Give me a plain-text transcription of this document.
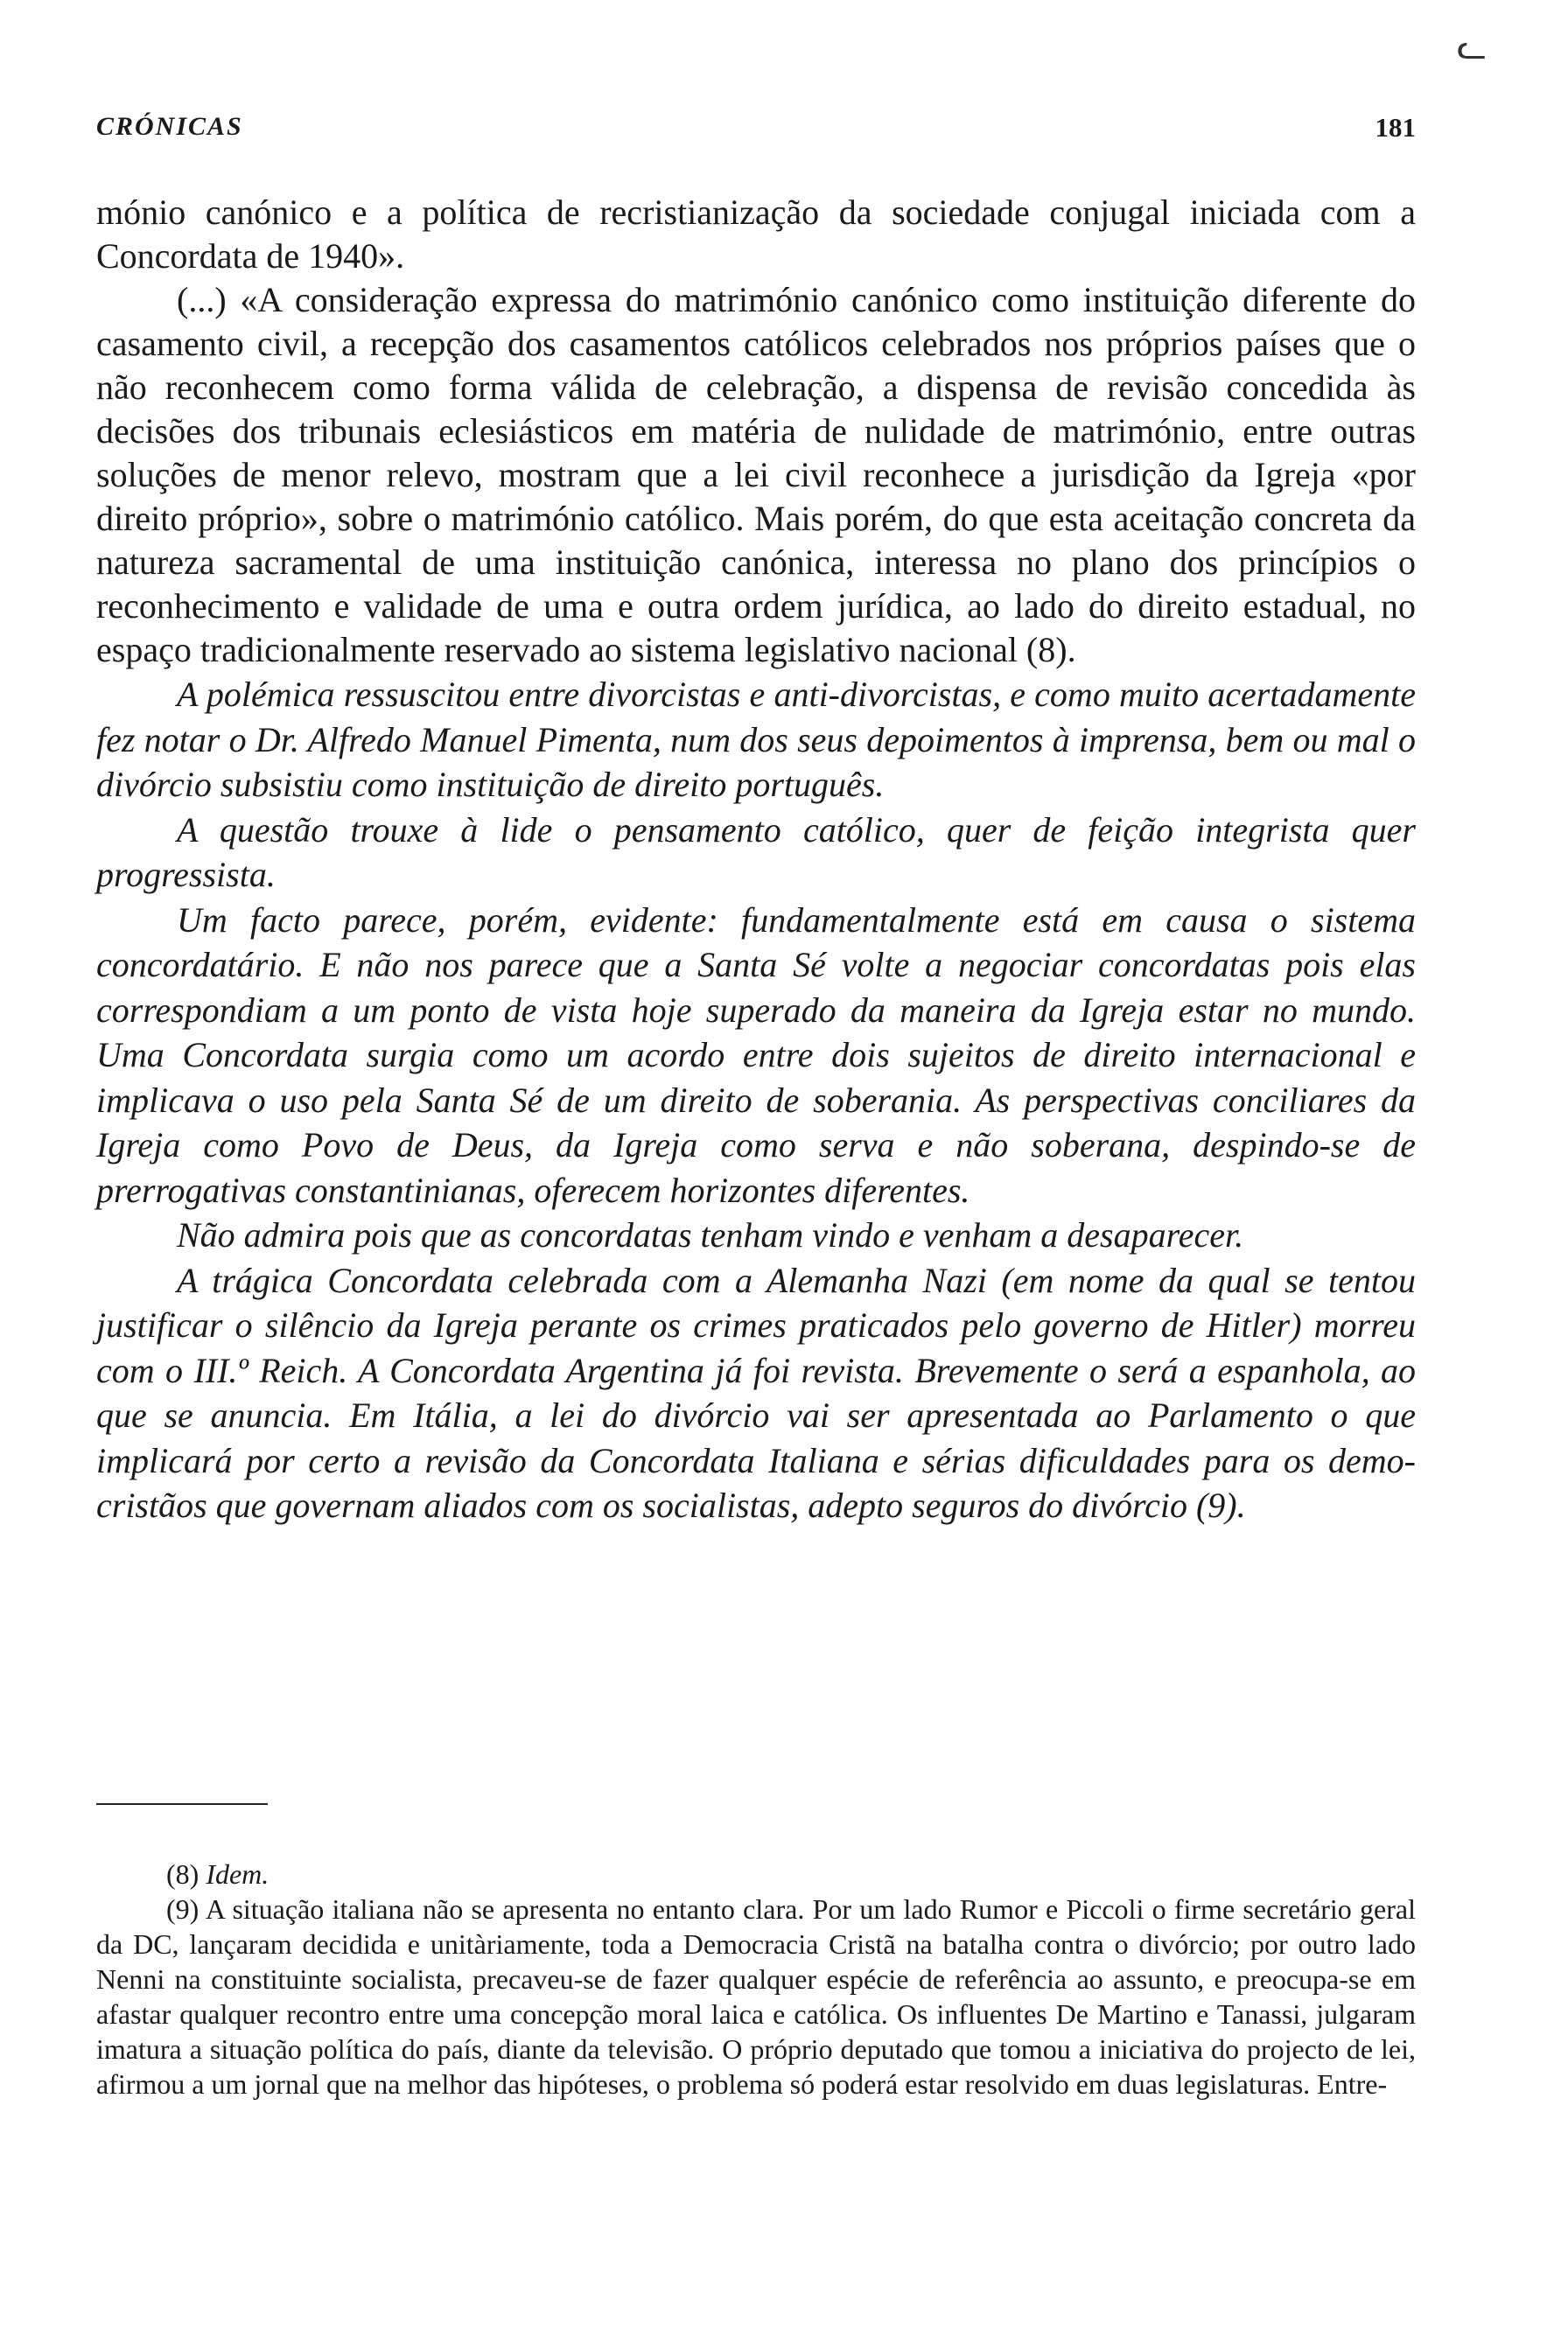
ᓚ
CRÓNICAS	181

mónio canónico e a política de recristianização da sociedade conjugal iniciada com a Concordata de 1940».

(...) «A consideração expressa do matrimónio canónico como instituição diferente do casamento civil, a recepção dos casamentos católicos celebrados nos próprios países que o não reconhecem como forma válida de celebração, a dispensa de revisão concedida às decisões dos tribunais eclesiásticos em matéria de nulidade de matrimónio, entre outras soluções de menor relevo, mostram que a lei civil reconhece a jurisdição da Igreja «por direito próprio», sobre o matrimónio católico. Mais porém, do que esta aceitação concreta da natureza sacramental de uma instituição canónica, interessa no plano dos princípios o reconhecimento e validade de uma e outra ordem jurídica, ao lado do direito estadual, no espaço tradicionalmente reservado ao sistema legislativo nacional (8).

A polémica ressuscitou entre divorcistas e anti-divorcistas, e como muito acertadamente fez notar o Dr. Alfredo Manuel Pimenta, num dos seus depoimentos à imprensa, bem ou mal o divórcio subsistiu como instituição de direito português.

A questão trouxe à lide o pensamento católico, quer de feição integrista quer progressista.

Um facto parece, porém, evidente: fundamentalmente está em causa o sistema concordatário. E não nos parece que a Santa Sé volte a negociar concordatas pois elas correspondiam a um ponto de vista hoje superado da maneira da Igreja estar no mundo. Uma Concordata surgia como um acordo entre dois sujeitos de direito internacional e implicava o uso pela Santa Sé de um direito de soberania. As perspectivas conciliares da Igreja como Povo de Deus, da Igreja como serva e não soberana, despindo-se de prerrogativas constantinianas, oferecem horizontes diferentes.

Não admira pois que as concordatas tenham vindo e venham a desaparecer.

A trágica Concordata celebrada com a Alemanha Nazi (em nome da qual se tentou justificar o silêncio da Igreja perante os crimes praticados pelo governo de Hitler) morreu com o III.º Reich. A Concordata Argentina já foi revista. Brevemente o será a espanhola, ao que se anuncia. Em Itália, a lei do divórcio vai ser apresentada ao Parlamento o que implicará por certo a revisão da Concordata Italiana e sérias dificuldades para os demo-cristãos que governam aliados com os socialistas, adepto seguros do divórcio (9).

(8) Idem.

(9) A situação italiana não se apresenta no entanto clara. Por um lado Rumor e Piccoli o firme secretário geral da DC, lançaram decidida e unitàriamente, toda a Democracia Cristã na batalha contra o divórcio; por outro lado Nenni na constituinte socialista, precaveu-se de fazer qualquer espécie de referência ao assunto, e preocupa-se em afastar qualquer recontro entre uma concepção moral laica e católica. Os influentes De Martino e Tanassi, julgaram imatura a situação política do país, diante da televisão. O próprio deputado que tomou a iniciativa do projecto de lei, afirmou a um jornal que na melhor das hipóteses, o problema só poderá estar resolvido em duas legislaturas. Entre-
